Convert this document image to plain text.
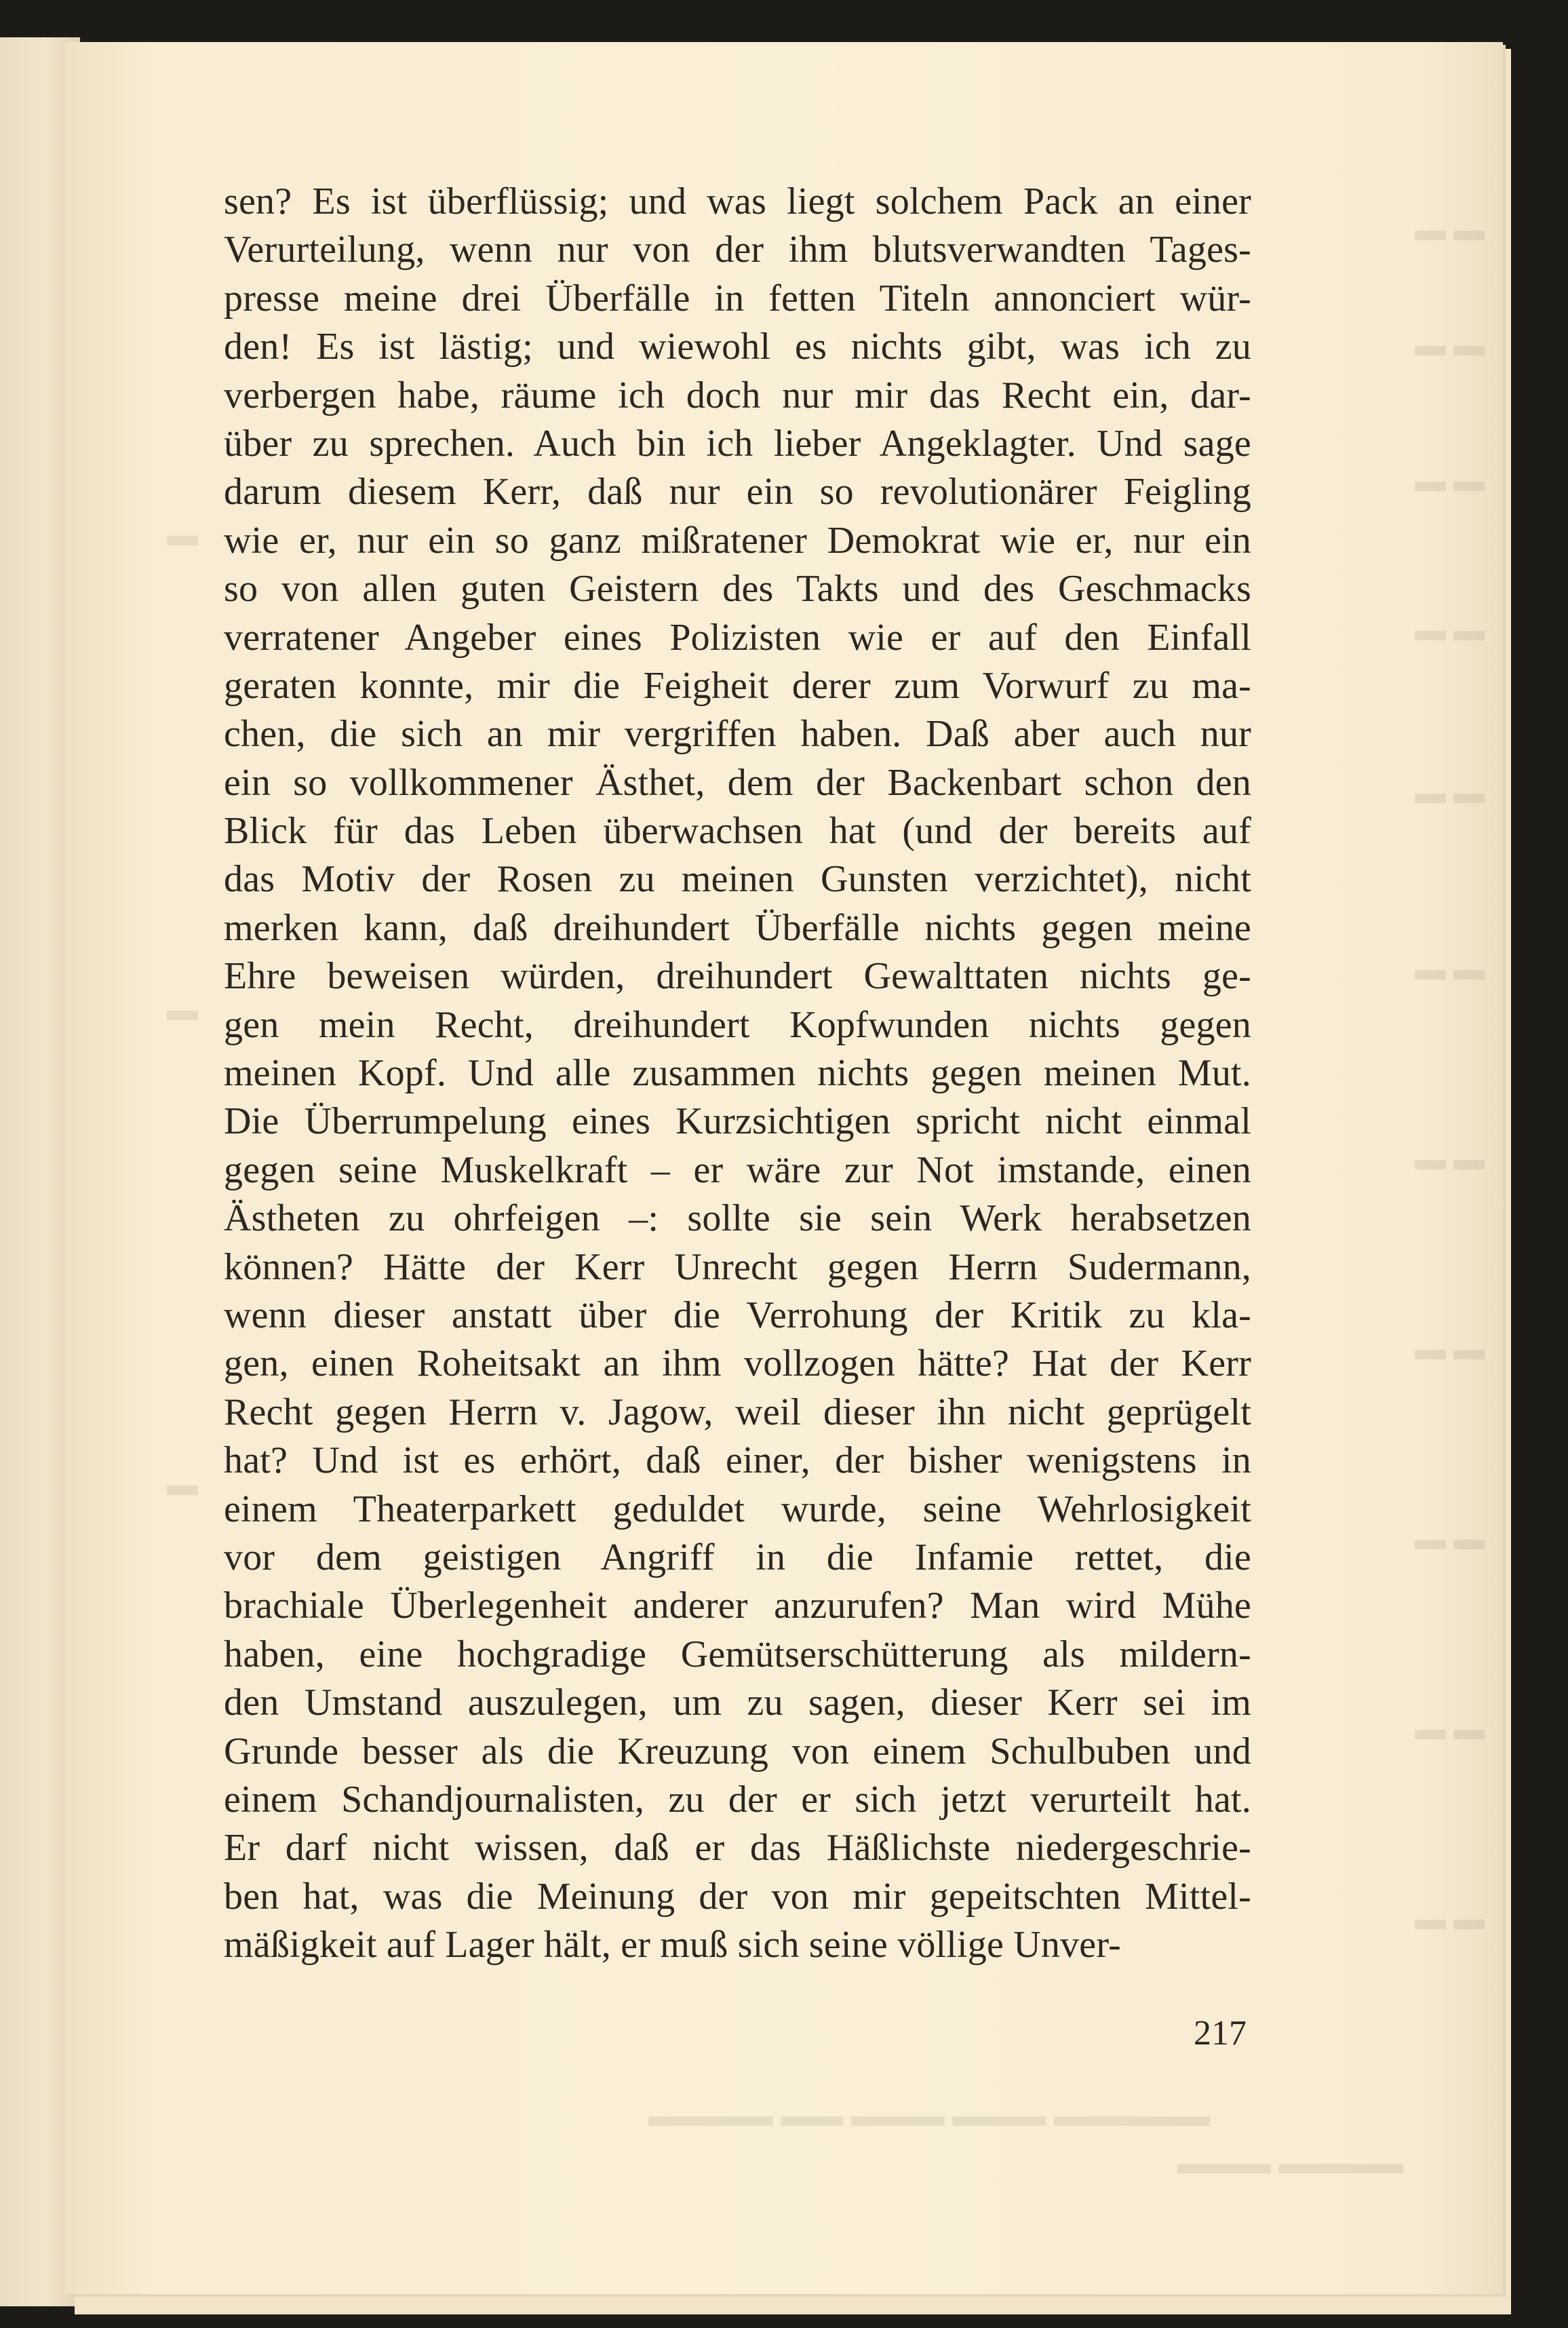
▬ ▬
▬ ▬
▬ ▬
▬ ▬
▬ ▬
▬ ▬
▬ ▬
▬ ▬
▬ ▬
▬ ▬
▬ ▬
▬▬▬▬ ▬▬ ▬▬▬ ▬▬▬ ▬▬▬▬▬
▬▬▬ ▬▬▬▬
▬
▬
▬
sen? Es ist überflüssig; und was liegt solchem Pack an einer
Verurteilung, wenn nur von der ihm blutsverwandten Tages-
presse meine drei Überfälle in fetten Titeln annonciert wür-
den! Es ist lästig; und wiewohl es nichts gibt, was ich zu
verbergen habe, räume ich doch nur mir das Recht ein, dar-
über zu sprechen. Auch bin ich lieber Angeklagter. Und sage
darum diesem Kerr, daß nur ein so revolutionärer Feigling
wie er, nur ein so ganz mißratener Demokrat wie er, nur ein
so von allen guten Geistern des Takts und des Geschmacks
verratener Angeber eines Polizisten wie er auf den Einfall
geraten konnte, mir die Feigheit derer zum Vorwurf zu ma-
chen, die sich an mir vergriffen haben. Daß aber auch nur
ein so vollkommener Ästhet, dem der Backenbart schon den
Blick für das Leben überwachsen hat (und der bereits auf
das Motiv der Rosen zu meinen Gunsten verzichtet), nicht
merken kann, daß dreihundert Überfälle nichts gegen meine
Ehre beweisen würden, dreihundert Gewalttaten nichts ge-
gen mein Recht, dreihundert Kopfwunden nichts gegen
meinen Kopf. Und alle zusammen nichts gegen meinen Mut.
Die Überrumpelung eines Kurzsichtigen spricht nicht einmal
gegen seine Muskelkraft – er wäre zur Not imstande, einen
Ästheten zu ohrfeigen –: sollte sie sein Werk herabsetzen
können? Hätte der Kerr Unrecht gegen Herrn Sudermann,
wenn dieser anstatt über die Verrohung der Kritik zu kla-
gen, einen Roheitsakt an ihm vollzogen hätte? Hat der Kerr
Recht gegen Herrn v. Jagow, weil dieser ihn nicht geprügelt
hat? Und ist es erhört, daß einer, der bisher wenigstens in
einem Theaterparkett geduldet wurde, seine Wehrlosigkeit
vor dem geistigen Angriff in die Infamie rettet, die
brachiale Überlegenheit anderer anzurufen? Man wird Mühe
haben, eine hochgradige Gemütserschütterung als mildern-
den Umstand auszulegen, um zu sagen, dieser Kerr sei im
Grunde besser als die Kreuzung von einem Schulbuben und
einem Schandjournalisten, zu der er sich jetzt verurteilt hat.
Er darf nicht wissen, daß er das Häßlichste niedergeschrie-
ben hat, was die Meinung der von mir gepeitschten Mittel-
mäßigkeit auf Lager hält, er muß sich seine völlige Unver-
217
